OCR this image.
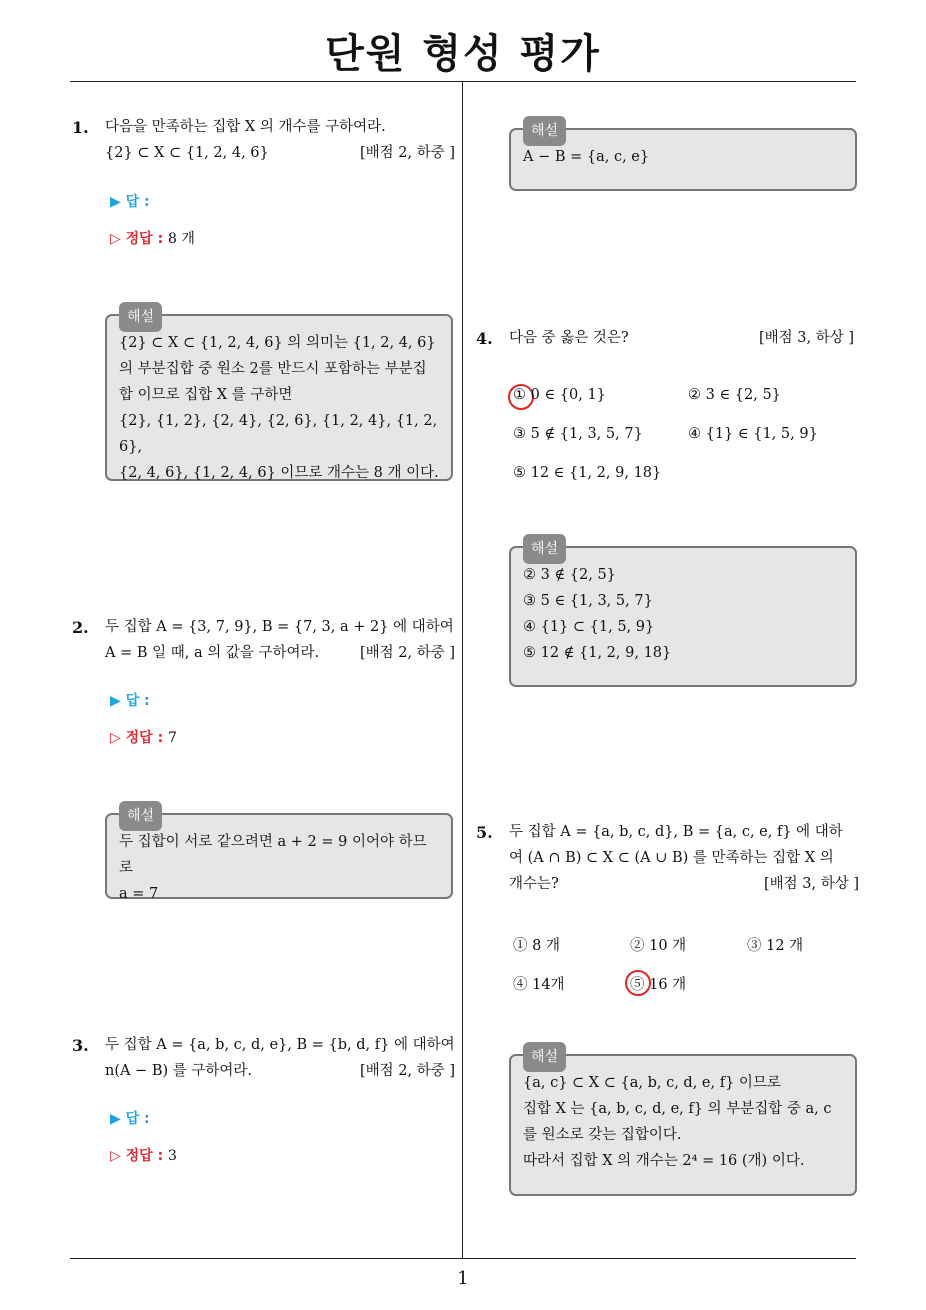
단원 형성 평가
1. 다음을 만족하는 집합 X 의 개수를 구하여라.
{2} ⊂ X ⊂ {1, 2, 4, 6}	[배점 2, 하중 ]
▶ 답 :
▷ 정답 : 8 개
해설
{2} ⊂ X ⊂ {1, 2, 4, 6} 의 의미는 {1, 2, 4, 6}
의 부분집합 중 원소 2를 반드시 포함하는 부분집
합 이므로 집합 X 를 구하면
{2}, {1, 2}, {2, 4}, {2, 6}, {1, 2, 4}, {1, 2, 6},
{2, 4, 6}, {1, 2, 4, 6} 이므로 개수는 8 개 이다.
2. 두 집합 A = {3, 7, 9}, B = {7, 3, a + 2} 에 대하여
A = B 일 때, a 의 값을 구하여라.	[배점 2, 하중 ]
▶ 답 :
▷ 정답 : 7
해설
두 집합이 서로 같으려면 a + 2 = 9 이어야 하므로
a = 7
3. 두 집합 A = {a, b, c, d, e}, B = {b, d, f} 에 대하여
n(A − B) 를 구하여라.	[배점 2, 하중 ]
▶ 답 :
▷ 정답 : 3
해설
A − B = {a, c, e}
4. 다음 중 옳은 것은?	[배점 3, 하상 ]
① 0 ∈ {0, 1}	② 3 ∈ {2, 5}
③ 5 ∉ {1, 3, 5, 7}	④ {1} ∈ {1, 5, 9}
⑤ 12 ∈ {1, 2, 9, 18}
해설
② 3 ∉ {2, 5}
③ 5 ∈ {1, 3, 5, 7}
④ {1} ⊂ {1, 5, 9}
⑤ 12 ∉ {1, 2, 9, 18}
5. 두 집합 A = {a, b, c, d}, B = {a, c, e, f} 에 대하
여 (A ∩ B) ⊂ X ⊂ (A ∪ B) 를 만족하는 집합 X 의
개수는?	[배점 3, 하상 ]
① 8 개	② 10 개	③ 12 개
④ 14개	⑤ 16 개
해설
{a, c} ⊂ X ⊂ {a, b, c, d, e, f} 이므로
집합 X 는 {a, b, c, d, e, f} 의 부분집합 중 a, c
를 원소로 갖는 집합이다.
따라서 집합 X 의 개수는 2⁴ = 16 (개) 이다.
1
